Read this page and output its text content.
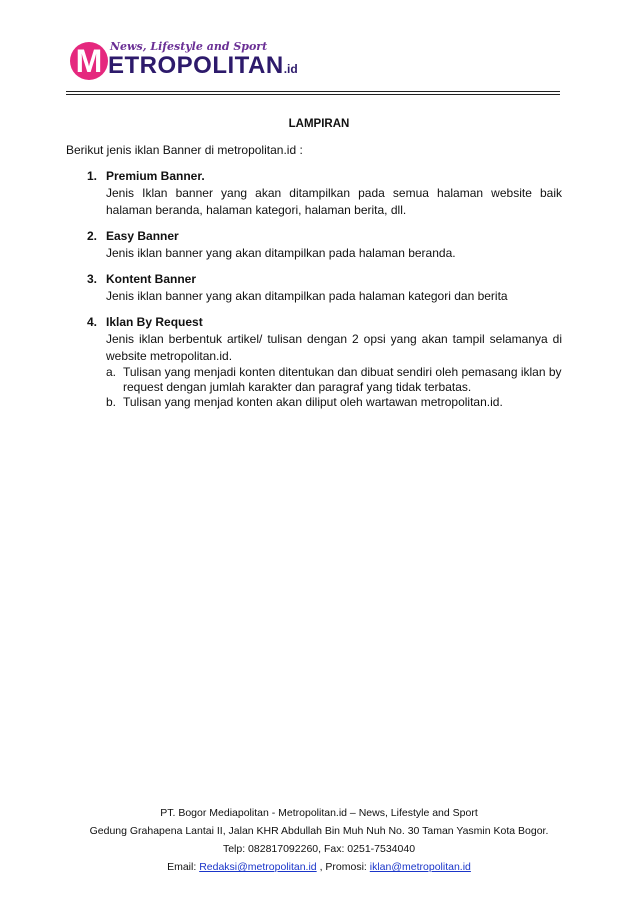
M News, Lifestyle and Sport
ETROPOLITAN.id
LAMPIRAN
Berikut jenis iklan Banner di metropolitan.id :
1. Premium Banner.
Jenis Iklan banner yang akan ditampilkan pada semua halaman website baik halaman beranda, halaman kategori, halaman berita, dll.
2. Easy Banner
Jenis iklan banner yang akan ditampilkan pada halaman beranda.
3. Kontent Banner
Jenis iklan banner yang akan ditampilkan pada halaman kategori dan berita
4. Iklan By Request
Jenis iklan berbentuk artikel/ tulisan dengan 2 opsi yang akan tampil selamanya di website metropolitan.id.
a. Tulisan yang menjadi konten ditentukan dan dibuat sendiri oleh pemasang iklan by request dengan jumlah karakter dan paragraf yang tidak terbatas.
b. Tulisan yang menjad konten akan diliput oleh wartawan metropolitan.id.
PT. Bogor Mediapolitan - Metropolitan.id – News, Lifestyle and Sport
Gedung Grahapena Lantai II, Jalan KHR Abdullah Bin Muh Nuh No. 30 Taman Yasmin Kota Bogor.
Telp: 082817092260, Fax: 0251-7534040
Email: Redaksi@metropolitan.id , Promosi: iklan@metropolitan.id
